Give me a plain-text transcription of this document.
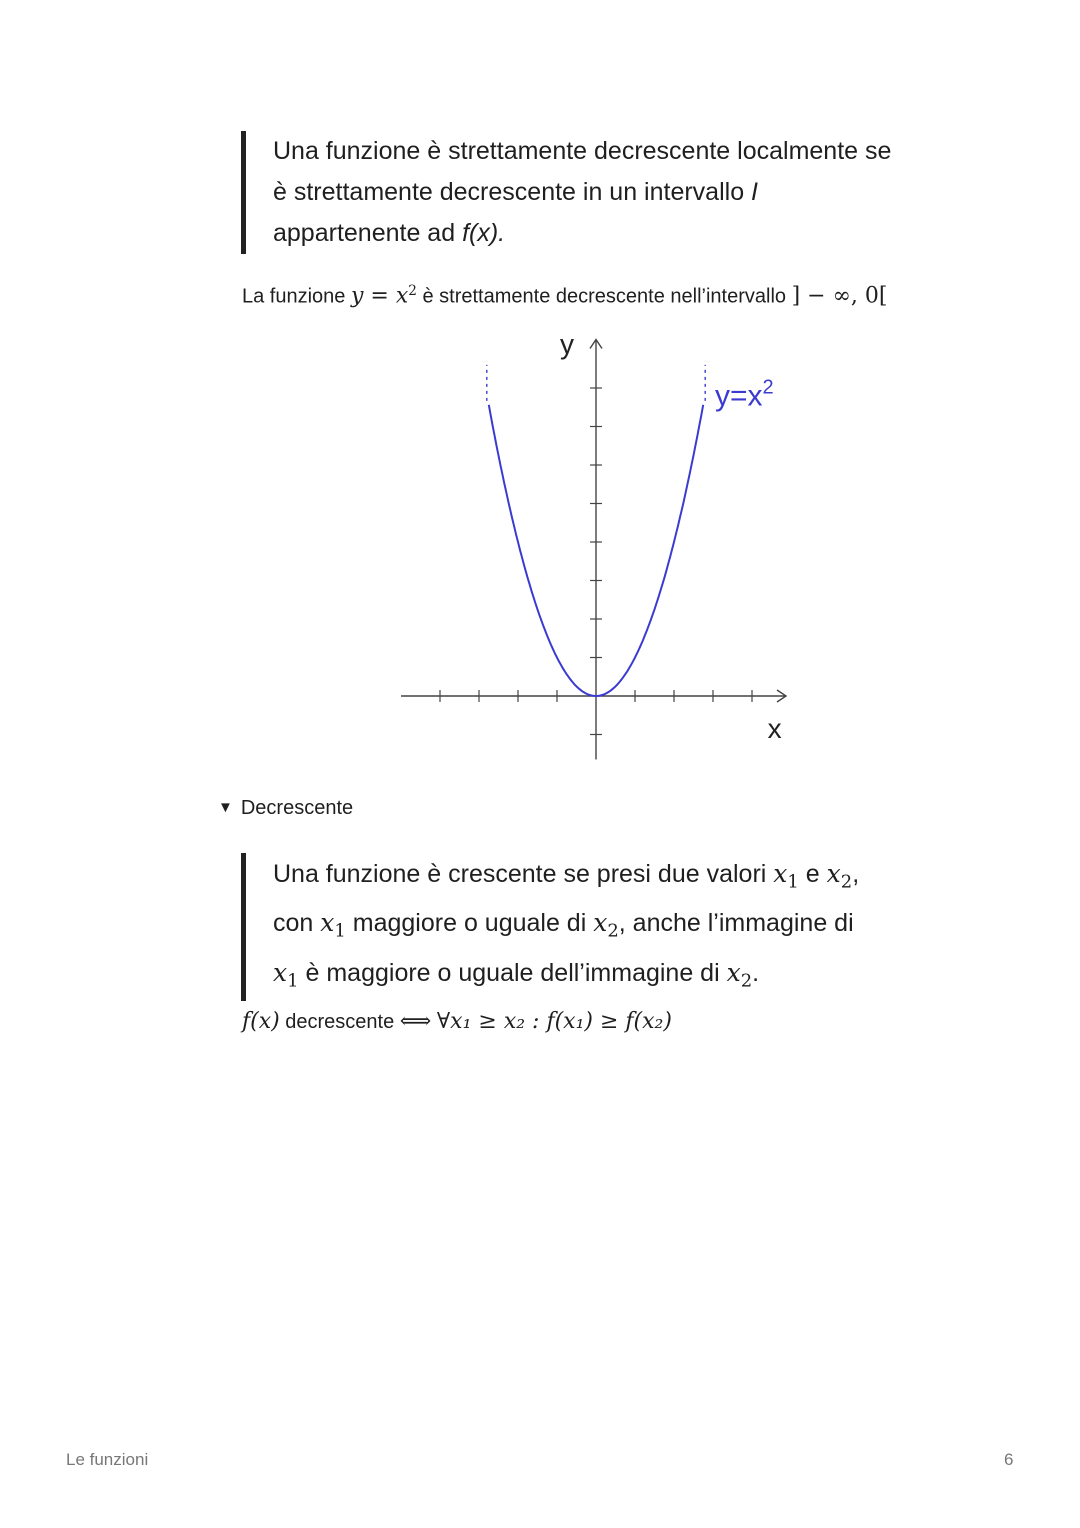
Una funzione è strettamente decrescente localmente se
è strettamente decrescente in un intervallo I
appartenente ad f(x).
La funzione $y = x^2$ è strettamente decrescente nell’intervallo ] − ∞, 0[
y
x
$y=x^2$
▼ Decrescente
Una funzione è crescente se presi due valori $x_1$ e $x_2$,
con $x_1$ maggiore o uguale di $x_2$, anche l’immagine di
$x_1$ è maggiore o uguale dell’immagine di $x_2$.
f(x) decrescente ⟺ ∀x₁ ≥ x₂ : f(x₁) ≥ f(x₂)
Le funzioni	6
